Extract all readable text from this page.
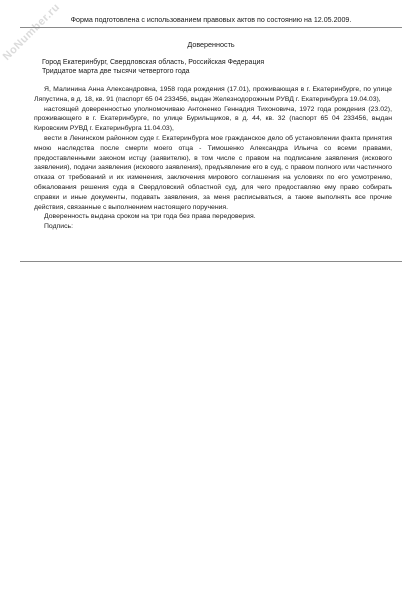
NoNumber.ru	Форма подготовлена с использованием правовых актов по состоянию на 12.05.2009.
Доверенность
Город Екатеринбург, Свердловская область, Российская Федерация
Тридцатое марта две тысячи четвертого года

Я, Малинина Анна Александровна, 1958 года рождения (17.01), проживающая в г. Екатеринбурге, по улице Ляпустина, в д. 18, кв. 91 (паспорт 65 04 233456, выдан Железнодорожным РУВД г. Екатеринбурга 19.04.03),

настоящей доверенностью уполномочиваю Антоненко Геннадия Тихоновича, 1972 года рождения (23.02), проживающего в г. Екатеринбурге, по улице Бурильщиков, в д. 44, кв. 32 (паспорт 65 04 233456, выдан Кировским РУВД г. Екатеринбурга 11.04.03),

вести в Ленинском районном суде г. Екатеринбурга мое гражданское дело об установлении факта принятия мною наследства после смерти моего отца - Тимошенко Александра Ильича со всеми правами, предоставленными законом истцу (заявителю), в том числе с правом на подписание заявления (искового заявления), подачи заявления (искового заявления), предъявление его в суд, с правом полного или частичного отказа от требований и их изменения, заключения мирового соглашения на условиях по его усмотрению, обжалования решения суда в Свердловский областной суд, для чего предоставляю ему право собирать справки и иные документы, подавать заявления, за меня расписываться, а также выполнять все прочие действия, связанные с выполнением настоящего поручения.

Доверенность выдана сроком на три года без права передоверия.

Подпись:
